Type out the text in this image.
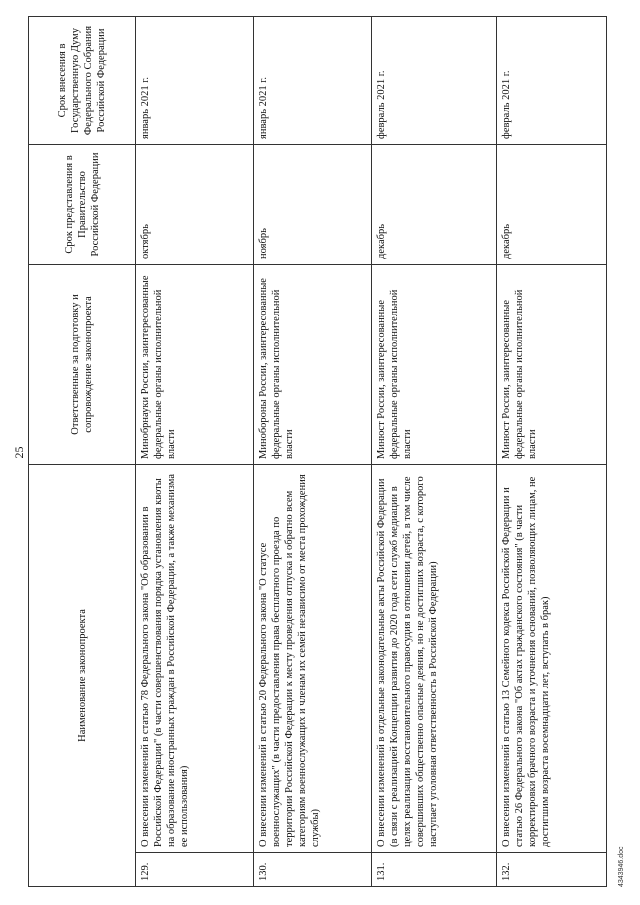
25
Наименование законопроекта		Ответственные за подготовку и сопровождение законопроекта	Срок представления в Правительство Российской Федерации	Срок внесения в Государственную Думу Федерального Собрания Российской Федерации
129.	О внесении изменений в статью 78 Федерального закона "Об образовании в Российской Федерации" (в части совершенствования порядка установления квоты на образование иностранных граждан в Российской Федерации, а также механизма ее использования)	Минобрнауки России, заинтересованные федеральные органы исполнительной власти	октябрь	январь 2021 г.
130.	О внесении изменений в статью 20 Федерального закона "О статусе военнослужащих" (в части предоставления права бесплатного проезда по территории Российской Федерации к месту проведения отпуска и обратно всем категориям военнослужащих и членам их семей независимо от места прохождения службы)	Минобороны России, заинтересованные федеральные органы исполнительной власти	ноябрь	январь 2021 г.
131.	О внесении изменений в отдельные законодательные акты Российской Федерации (в связи с реализацией Концепции развития до 2020 года сети служб медиации в целях реализации восстановительного правосудия в отношении детей, в том числе совершивших общественно опасные деяния, но не достигших возраста, с которого наступает уголовная ответственность в Российской Федерации)	Минюст России, заинтересованные федеральные органы исполнительной власти	декабрь	февраль 2021 г.
132.	О внесении изменений в статью 13 Семейного кодекса Российской Федерации и статью 26 Федерального закона "Об актах гражданского состояния" (в части корректировки брачного возраста и уточнения оснований, позволяющих лицам, не достигшим возраста восемнадцати лет, вступать в брак)	Минюст России, заинтересованные федеральные органы исполнительной власти	декабрь	февраль 2021 г.
4343946.doc
